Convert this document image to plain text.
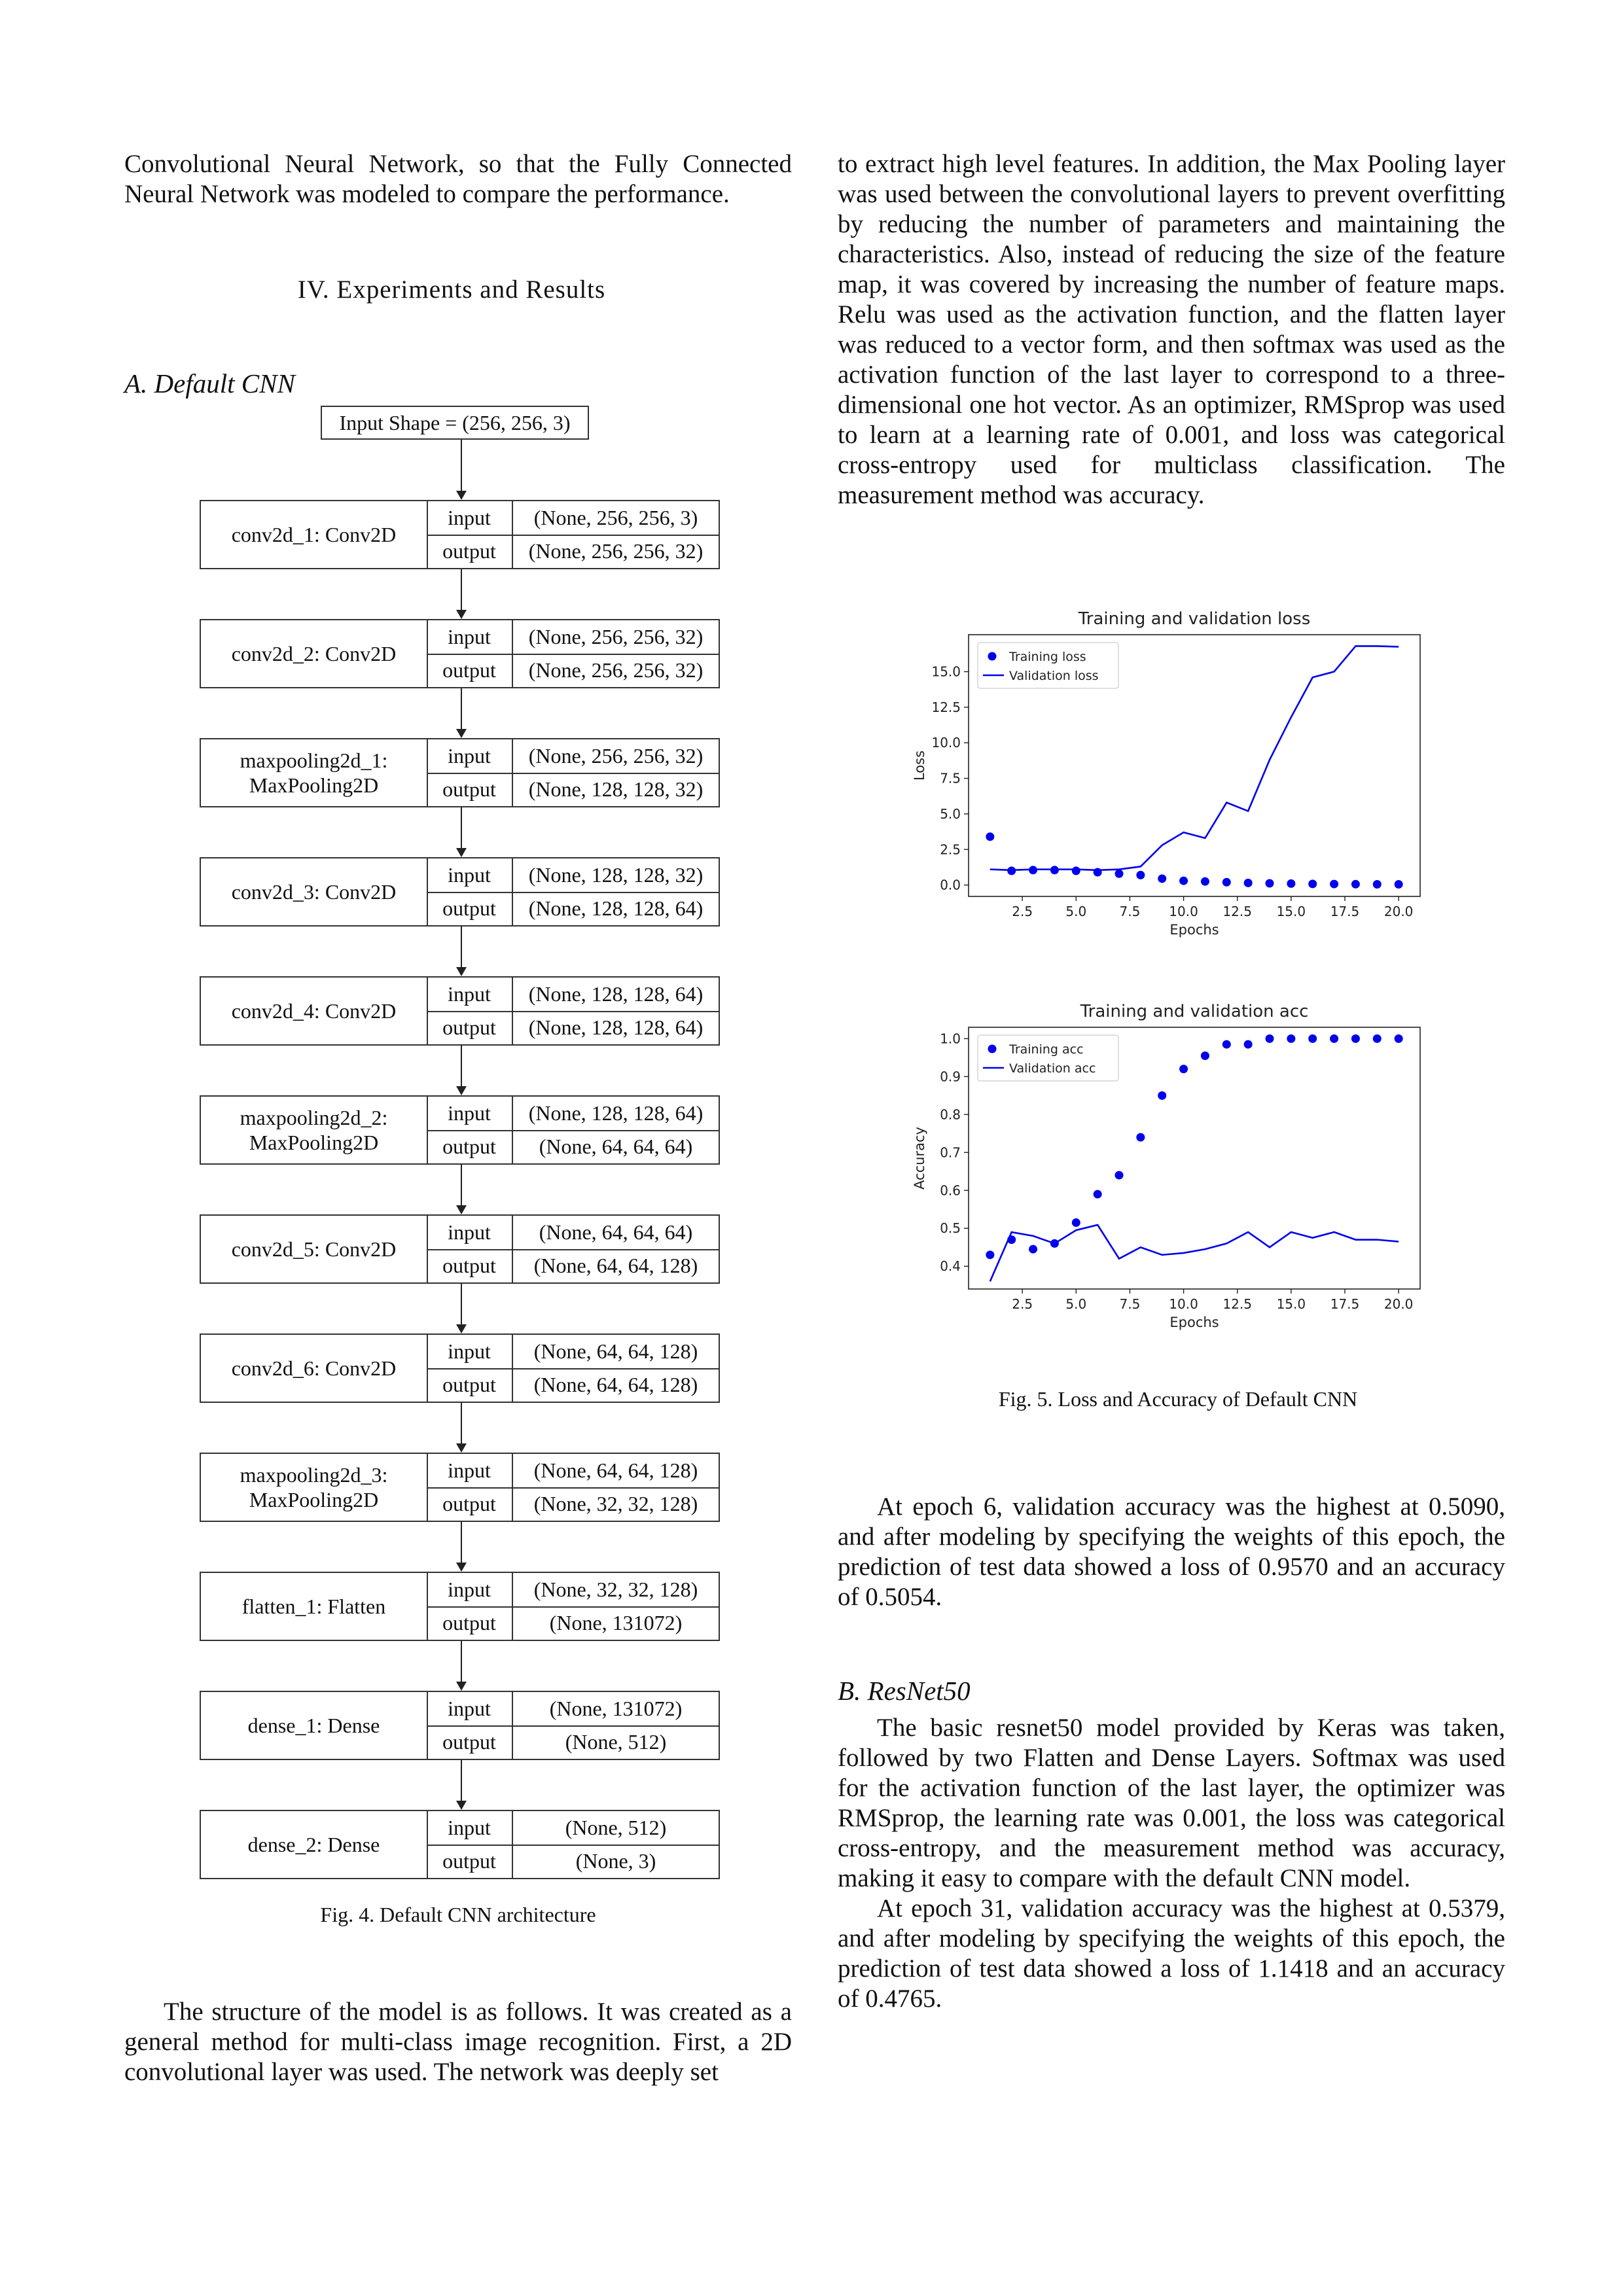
Convolutional Neural Network, so that the Fully Connected Neural Network was modeled to compare the performance.

IV. Experiments and Results
A. Default CNN
Input Shape = (256, 256, 3)
conv2d_1: Conv2D
input	(None, 256, 256, 3)
output	(None, 256, 256, 32)
conv2d_2: Conv2D
input	(None, 256, 256, 32)
output	(None, 256, 256, 32)
maxpooling2d_1: MaxPooling2D
input	(None, 256, 256, 32)
output	(None, 128, 128, 32)
conv2d_3: Conv2D
input	(None, 128, 128, 32)
output	(None, 128, 128, 64)
conv2d_4: Conv2D
input	(None, 128, 128, 64)
output	(None, 128, 128, 64)
maxpooling2d_2: MaxPooling2D
input	(None, 128, 128, 64)
output	(None, 64, 64, 64)
conv2d_5: Conv2D
input	(None, 64, 64, 64)
output	(None, 64, 64, 128)
conv2d_6: Conv2D
input	(None, 64, 64, 128)
output	(None, 64, 64, 128)
maxpooling2d_3: MaxPooling2D
input	(None, 64, 64, 128)
output	(None, 32, 32, 128)
flatten_1: Flatten
input	(None, 32, 32, 128)
output	(None, 131072)
dense_1: Dense
input	(None, 131072)
output	(None, 512)
dense_2: Dense
input	(None, 512)
output	(None, 3)
Fig. 4. Default CNN architecture

The structure of the model is as follows. It was created as a general method for multi-class image recognition. First, a 2D convolutional layer was used. The network was deeply set

to extract high level features. In addition, the Max Pooling layer was used between the convolutional layers to prevent overfitting by reducing the number of parameters and maintaining the characteristics. Also, instead of reducing the size of the feature map, it was covered by increasing the number of feature maps. Relu was used as the activation function, and the flatten layer was reduced to a vector form, and then softmax was used as the activation function of the last layer to correspond to a three-dimensional one hot vector. As an optimizer, RMSprop was used to learn at a learning rate of 0.001, and loss was categorical cross-entropy used for multiclass classification. The measurement method was accuracy.

Training and validation loss
2.5	5.0	7.5 10.0 12.5 15.0 17.5 20.0
0.0
2.5
5.0
7.5
10.0
12.5
15.0
Epochs
Loss
Training loss
Validation loss
Training and validation acc
2.5	5.0	7.5 10.0 12.5 15.0 17.5 20.0
0.4
0.5
0.6
0.7
0.8
0.9
1.0
Epochs
Accuracy
Training acc
Validation acc
Fig. 5. Loss and Accuracy of Default CNN

At epoch 6, validation accuracy was the highest at 0.5090, and after modeling by specifying the weights of this epoch, the prediction of test data showed a loss of 0.9570 and an accuracy of 0.5054.

B. ResNet50

The basic resnet50 model provided by Keras was taken, followed by two Flatten and Dense Layers. Softmax was used for the activation function of the last layer, the optimizer was RMSprop, the learning rate was 0.001, the loss was categorical cross-entropy, and the measurement method was accuracy, making it easy to compare with the default CNN model.

At epoch 31, validation accuracy was the highest at 0.5379, and after modeling by specifying the weights of this epoch, the prediction of test data showed a loss of 1.1418 and an accuracy of 0.4765.
